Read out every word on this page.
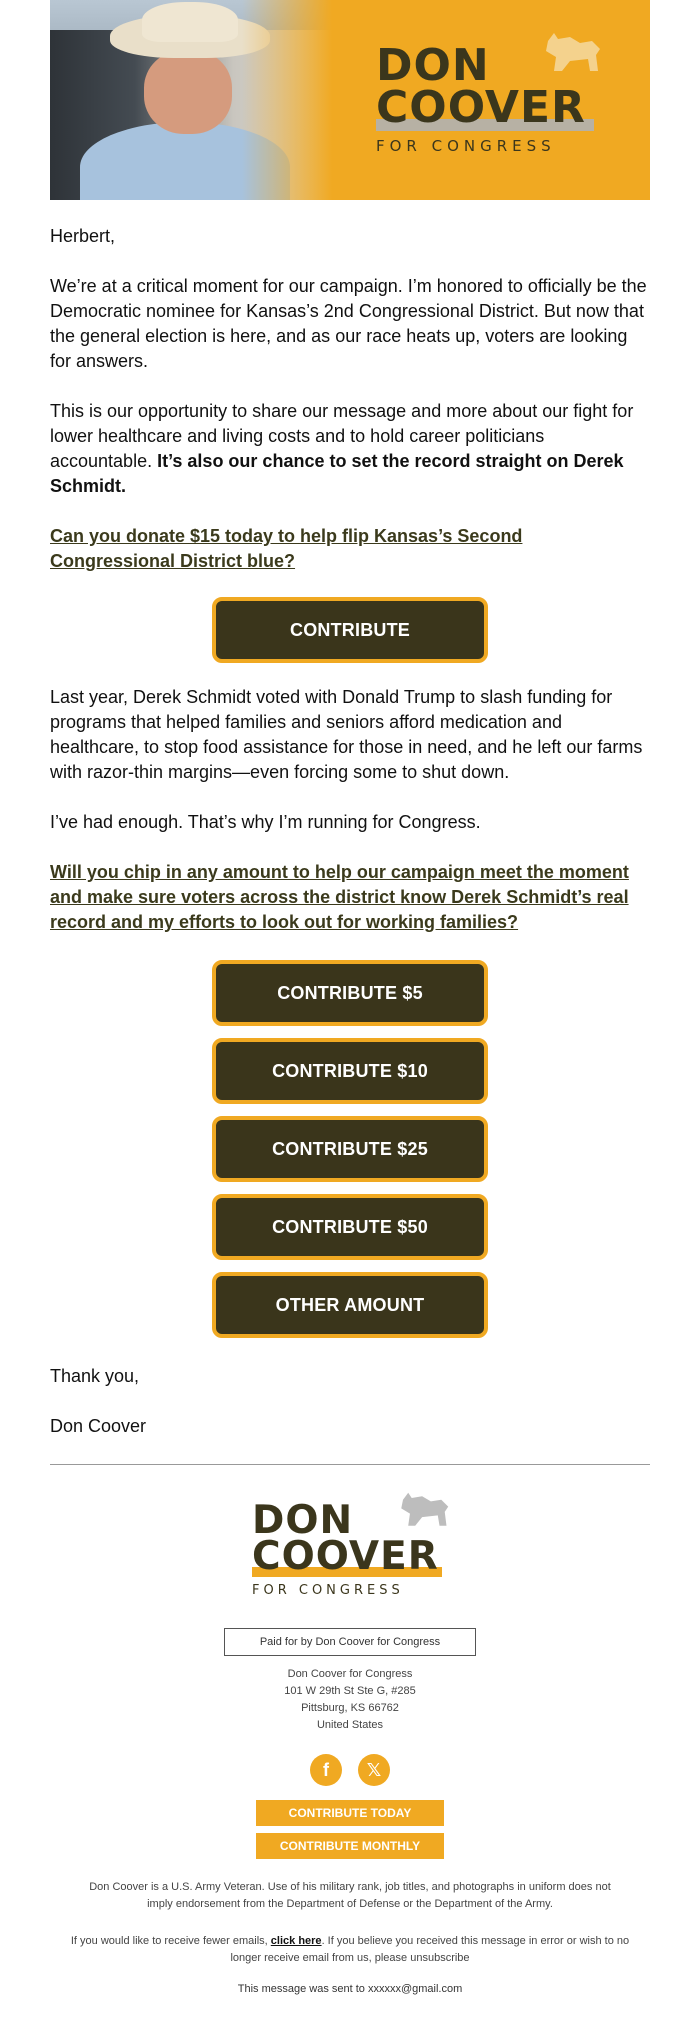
DON
COOVER
FOR CONGRESS

Herbert,

We’re at a critical moment for our campaign. I’m honored to officially be the Democratic nominee for Kansas’s 2nd Congressional District. But now that the general election is here, and as our race heats up, voters are looking for answers.

This is our opportunity to share our message and more about our fight for lower healthcare and living costs and to hold career politicians accountable. It’s also our chance to set the record straight on Derek Schmidt.

Can you donate $15 today to help flip Kansas’s Second Congressional District blue?

CONTRIBUTE

Last year, Derek Schmidt voted with Donald Trump to slash funding for programs that helped families and seniors afford medication and healthcare, to stop food assistance for those in need, and he left our farms with razor-thin margins—even forcing some to shut down.

I’ve had enough. That’s why I’m running for Congress.

Will you chip in any amount to help our campaign meet the moment and make sure voters across the district know Derek Schmidt’s real record and my efforts to look out for working families?

CONTRIBUTE $5
CONTRIBUTE $10
CONTRIBUTE $25
CONTRIBUTE $50
OTHER AMOUNT

Thank you,

Don Coover

DON
COOVER
FOR CONGRESS
Paid for by Don Coover for Congress
Don Coover for Congress
101 W 29th St Ste G, #285
Pittsburg, KS 66762
United States
f	𝕏
CONTRIBUTE TODAY
CONTRIBUTE MONTHLY
Don Coover is a U.S. Army Veteran. Use of his military rank, job titles, and photographs in uniform does not imply endorsement from the Department of Defense or the Department of the Army.
If you would like to receive fewer emails, click here. If you believe you received this message in error or wish to no longer receive email from us, please unsubscribe
This message was sent to xxxxxx@gmail.com
